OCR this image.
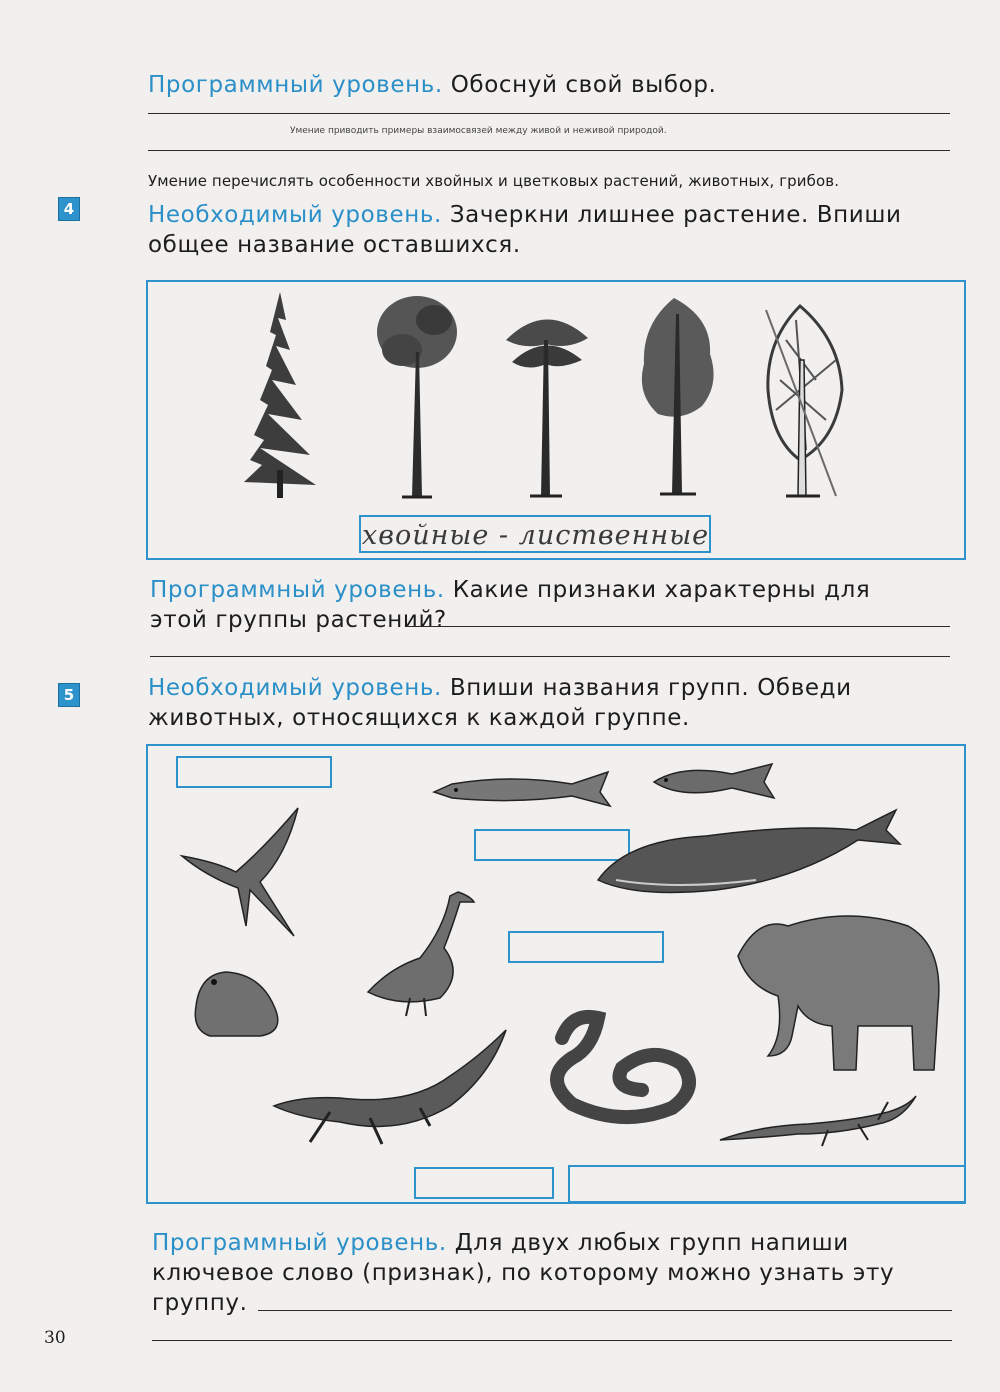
Программный уровень. Обоснуй свой выбор.
Умение приводить примеры взаимосвязей между живой и неживой природой.
Умение перечислять особенности хвойных и цветковых растений, животных, грибов.
4	Необходимый уровень. Зачеркни лишнее растение. Впиши
общее название оставшихся.
хвойные - лиственные
Программный уровень. Какие признаки характерны для
этой группы растений?
5	Необходимый уровень. Впиши названия групп. Обведи
животных, относящихся к каждой группе.
Программный уровень. Для двух любых групп напиши
ключевое слово (признак), по которому можно узнать эту
группу.
30
